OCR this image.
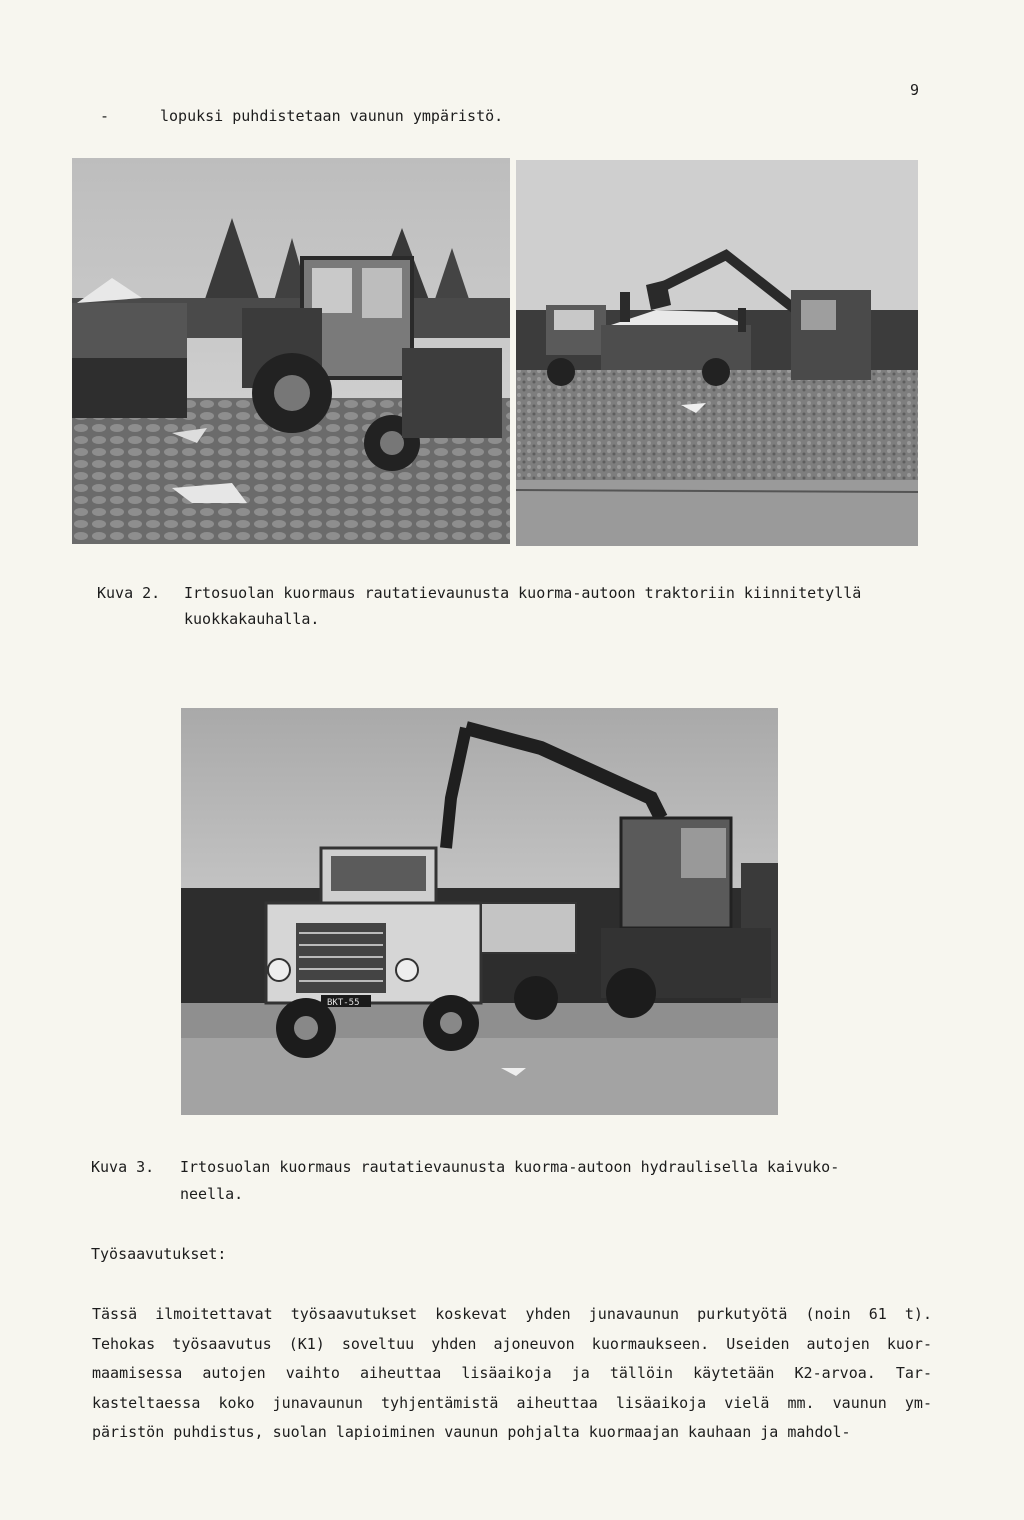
-	lopuksi puhdistetaan vaunun ympäristö.
9
Kuva 2. Irtosuolan kuormaus rautatievaunusta kuorma-autoon traktoriin kiinnitetyllä
kuokkakauhalla.
BKT-55
Kuva 3. Irtosuolan kuormaus rautatievaunusta kuorma-autoon hydraulisella kaivuko-
neella.
Työsaavutukset:
Tässä ilmoitettavat työsaavutukset koskevat yhden junavaunun purkutyötä (noin 61 t).
Tehokas työsaavutus (K1) soveltuu yhden ajoneuvon kuormaukseen. Useiden autojen kuor-
maamisessa autojen vaihto aiheuttaa lisäaikoja ja tällöin käytetään K2-arvoa. Tar-
kasteltaessa koko junavaunun tyhjentämistä aiheuttaa lisäaikoja vielä mm. vaunun ym-
päristön puhdistus, suolan lapioiminen vaunun pohjalta kuormaajan kauhaan ja mahdol-
